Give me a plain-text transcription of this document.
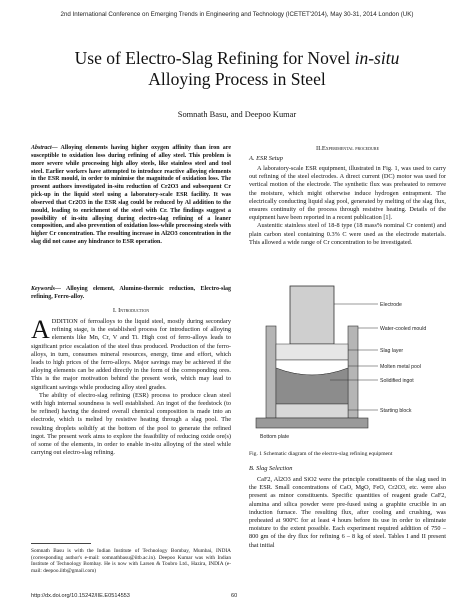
2nd International Conference on Emerging Trends in Engineering and Technology (ICETET'2014), May 30-31, 2014 London (UK)
Use of Electro-Slag Refining for Novel in-situ
Alloying Process in Steel
Somnath Basu, and Deepoo Kumar

Abstract— Alloying elements having higher oxygen affinity than iron are susceptible to oxidation loss during refining of alloy steel. This problem is more severe while processing high alloy steels, like stainless steel and tool steel. Earlier workers have attempted to introduce reactive alloying elements in the ESR mould, in order to minimise the magnitude of oxidation loss. The present authors investigated in-situ reduction of Cr2O3 and subsequent Cr pick-up in the liquid steel using a laboratory-scale ESR facility. It was observed that Cr2O3 in the ESR slag could be reduced by Al addition to the mould, leading to enrichment of the steel with Cr. The findings suggest a possibility of in-situ alloying during electro-slag refining of a leaner composition, and also prevention of oxidation loss-while processing steels with higher Cr concentration. The resulting increase in Al2O3 concentration in the slag did not cause any hindrance to ESR operation.

Keywords— Alloying element, Alumino-thermic reduction, Electro-slag refining, Ferro-alloy.

I. Introduction

ADDITION of ferroalloys to the liquid steel, mostly during secondary refining stage, is the established process for introduction of alloying elements like Mn, Cr, V and Ti. High cost of ferro-alloys leads to significant price escalation of the steel thus produced. Production of the ferro-alloys, in turn, consumes mineral resources, energy, time and effort, which leads to high prices of the ferro-alloys. Major savings may be achieved if the alloying elements can be added directly in the form of the corresponding ores. This is the major motivation behind the present work, which may lead to significant savings while producing alloy steel grades.

The ability of electro-slag refining (ESR) process to produce clean steel with high internal soundness is well established. An ingot of the feedstock (to be refined) having the desired overall chemical composition is made into an electrode, which is melted by resistive heating through a slag pool. The resulting droplets solidify at the bottom of the pool to generate the refined ingot. The present work aims to explore the feasibility of reducing oxide ore(s) of some of the elements, in order to enable in-situ alloying of the steel while carrying out electro-slag refining.

Somnath Basu is with the Indian Institute of Technology Bombay, Mumbai, INDIA (corresponding author's e-mail: somnathbasu@iitb.ac.in). Deepoo Kumar was with Indian Institute of Technology Bombay. He is now with Larsen & Toubro Ltd., Hazira, INDIA (e-mail: deepoo.iitb@gmail.com)

II.Experimental procedure

A. ESR Setup

A laboratory-scale ESR equipment, illustrated in Fig. 1, was used to carry out refining of the steel electrodes. A direct current (DC) motor was used for vertical motion of the electrode. The synthetic flux was preheated to remove the moisture, which might otherwise induce hydrogen entrapment. The electrically conducting liquid slag pool, generated by melting of the slag flux, ensures continuity of the process through resistive heating. Details of the equipment have been reported in a recent publication [1].

Austenitic stainless steel of 18-8 type (18 mass% nominal Cr content) and plain carbon steel containing 0.3% C were used as the electrode materials. This allowed a wide range of Cr concentration to be investigated.

Bottom plate
Electrode
Water-cooled mould
Slag layer
Molten metal pool
Solidified ingot
Starting block
Fig. 1 Schematic diagram of the electro-slag refining equipment

B. Slag Selection

CaF2, Al2O3 and SiO2 were the principle constituents of the slag used in the ESR. Small concentrations of CaO, MgO, FeO, Cr2O3, etc. were also present as minor constituents. Specific quantities of reagent grade CaF2, alumina and silica powder were pre-fused using a graphite crucible in an induction furnace. The resulting flux, after cooling and crushing, was preheated at 900ºC for at least 4 hours before its use in order to eliminate moisture to the extent possible. Each experiment required addition of 750 – 800 gm of the dry flux for refining 6 – 8 kg of steel. Tables I and II present that initial

http://dx.doi.org/10.15242/IIE.E0514553	60
